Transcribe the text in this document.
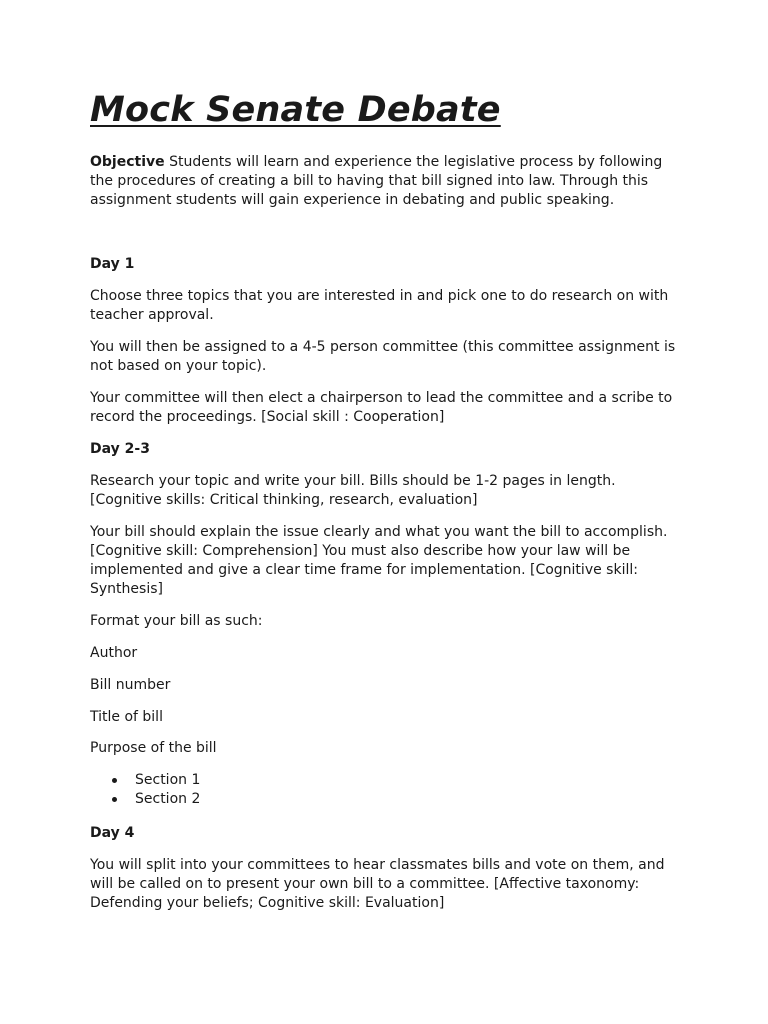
Mock Senate Debate

Objective Students will learn and experience the legislative process by following the procedures of creating a bill to having that bill signed into law. Through this assignment students will gain experience in debating and public speaking.

Day 1

Choose three topics that you are interested in and pick one to do research on with teacher approval.

You will then be assigned to a 4-5 person committee (this committee assignment is not based on your topic).

Your committee will then elect a chairperson to lead the committee and a scribe to record the proceedings. [Social skill : Cooperation]

Day 2-3

Research your topic and write your bill. Bills should be 1-2 pages in length. [Cognitive skills: Critical thinking, research, evaluation]

Your bill should explain the issue clearly and what you want the bill to accomplish. [Cognitive skill: Comprehension] You must also describe how your law will be implemented and give a clear time frame for implementation. [Cognitive skill: Synthesis]

Format your bill as such:

Author

Bill number

Title of bill

Purpose of the bill

Section 1
Section 2
Day 4

You will split into your committees to hear classmates bills and vote on them, and will be called on to present your own bill to a committee. [Affective taxonomy: Defending your beliefs; Cognitive skill: Evaluation]
